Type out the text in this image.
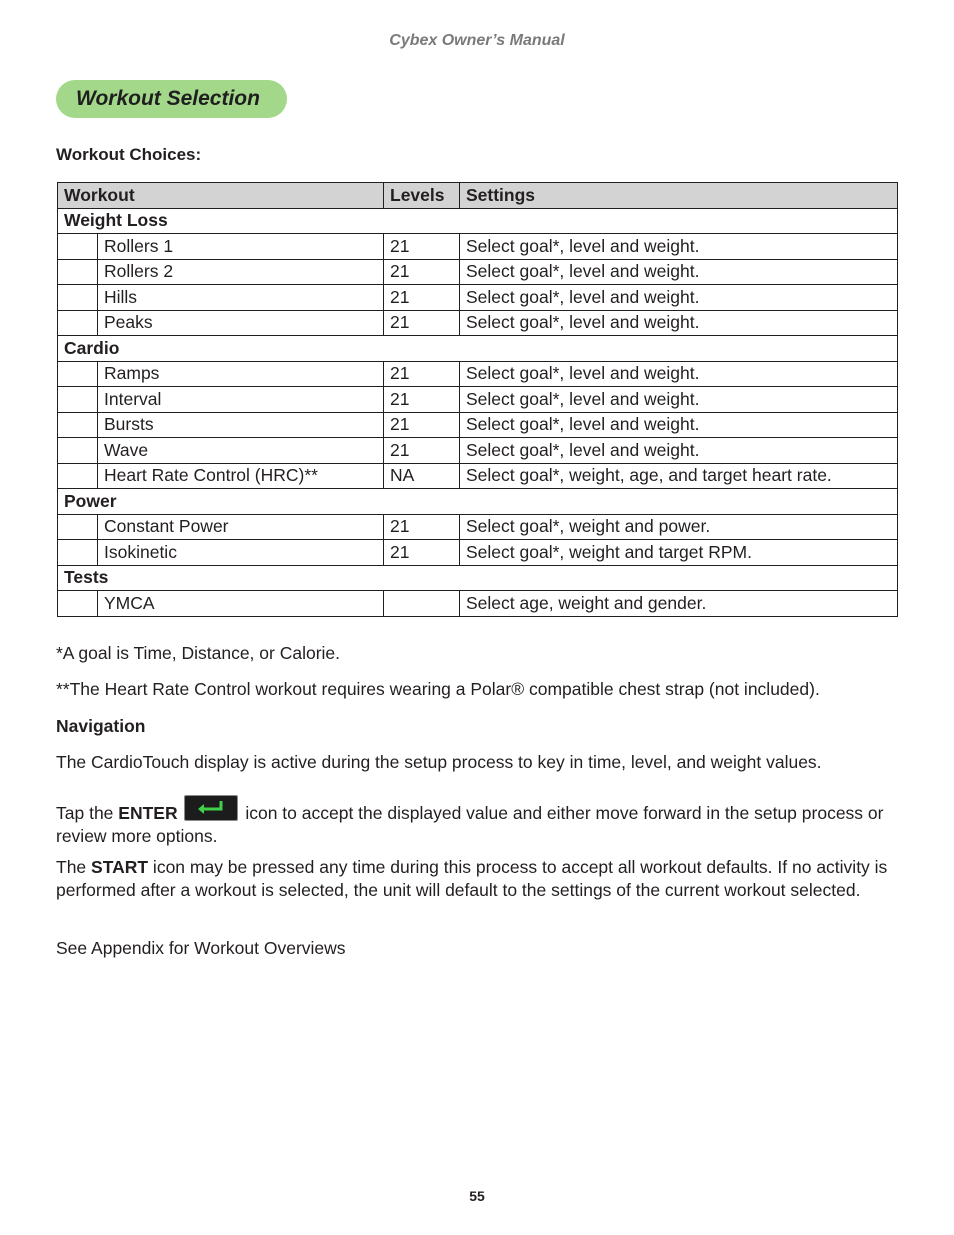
Cybex Owner’s Manual
Workout Selection
Workout Choices:
Workout		Levels	Settings
Weight Loss			
	Rollers 1	21	Select goal*, level and weight.
	Rollers 2	21	Select goal*, level and weight.
	Hills	21	Select goal*, level and weight.
	Peaks	21	Select goal*, level and weight.
Cardio			
	Ramps	21	Select goal*, level and weight.
	Interval	21	Select goal*, level and weight.
	Bursts	21	Select goal*, level and weight.
	Wave	21	Select goal*, level and weight.
	Heart Rate Control (HRC)**	NA	Select goal*, weight, age, and target heart rate.
Power			
	Constant Power	21	Select goal*, weight and power.
	Isokinetic	21	Select goal*, weight and target RPM.
Tests			
	YMCA		Select age, weight and gender.
*A goal is Time, Distance, or Calorie.
**The Heart Rate Control workout requires wearing a Polar® compatible chest strap (not included).
Navigation
The CardioTouch display is active during the setup process to key in time, level, and weight values.
Tap the ENTER	icon to accept the displayed value and either move forward in the setup process or review more options.
The START icon may be pressed any time during this process to accept all workout defaults. If no activity is performed after a workout is selected, the unit will default to the settings of the current workout selected.
See Appendix for Workout Overviews
55
